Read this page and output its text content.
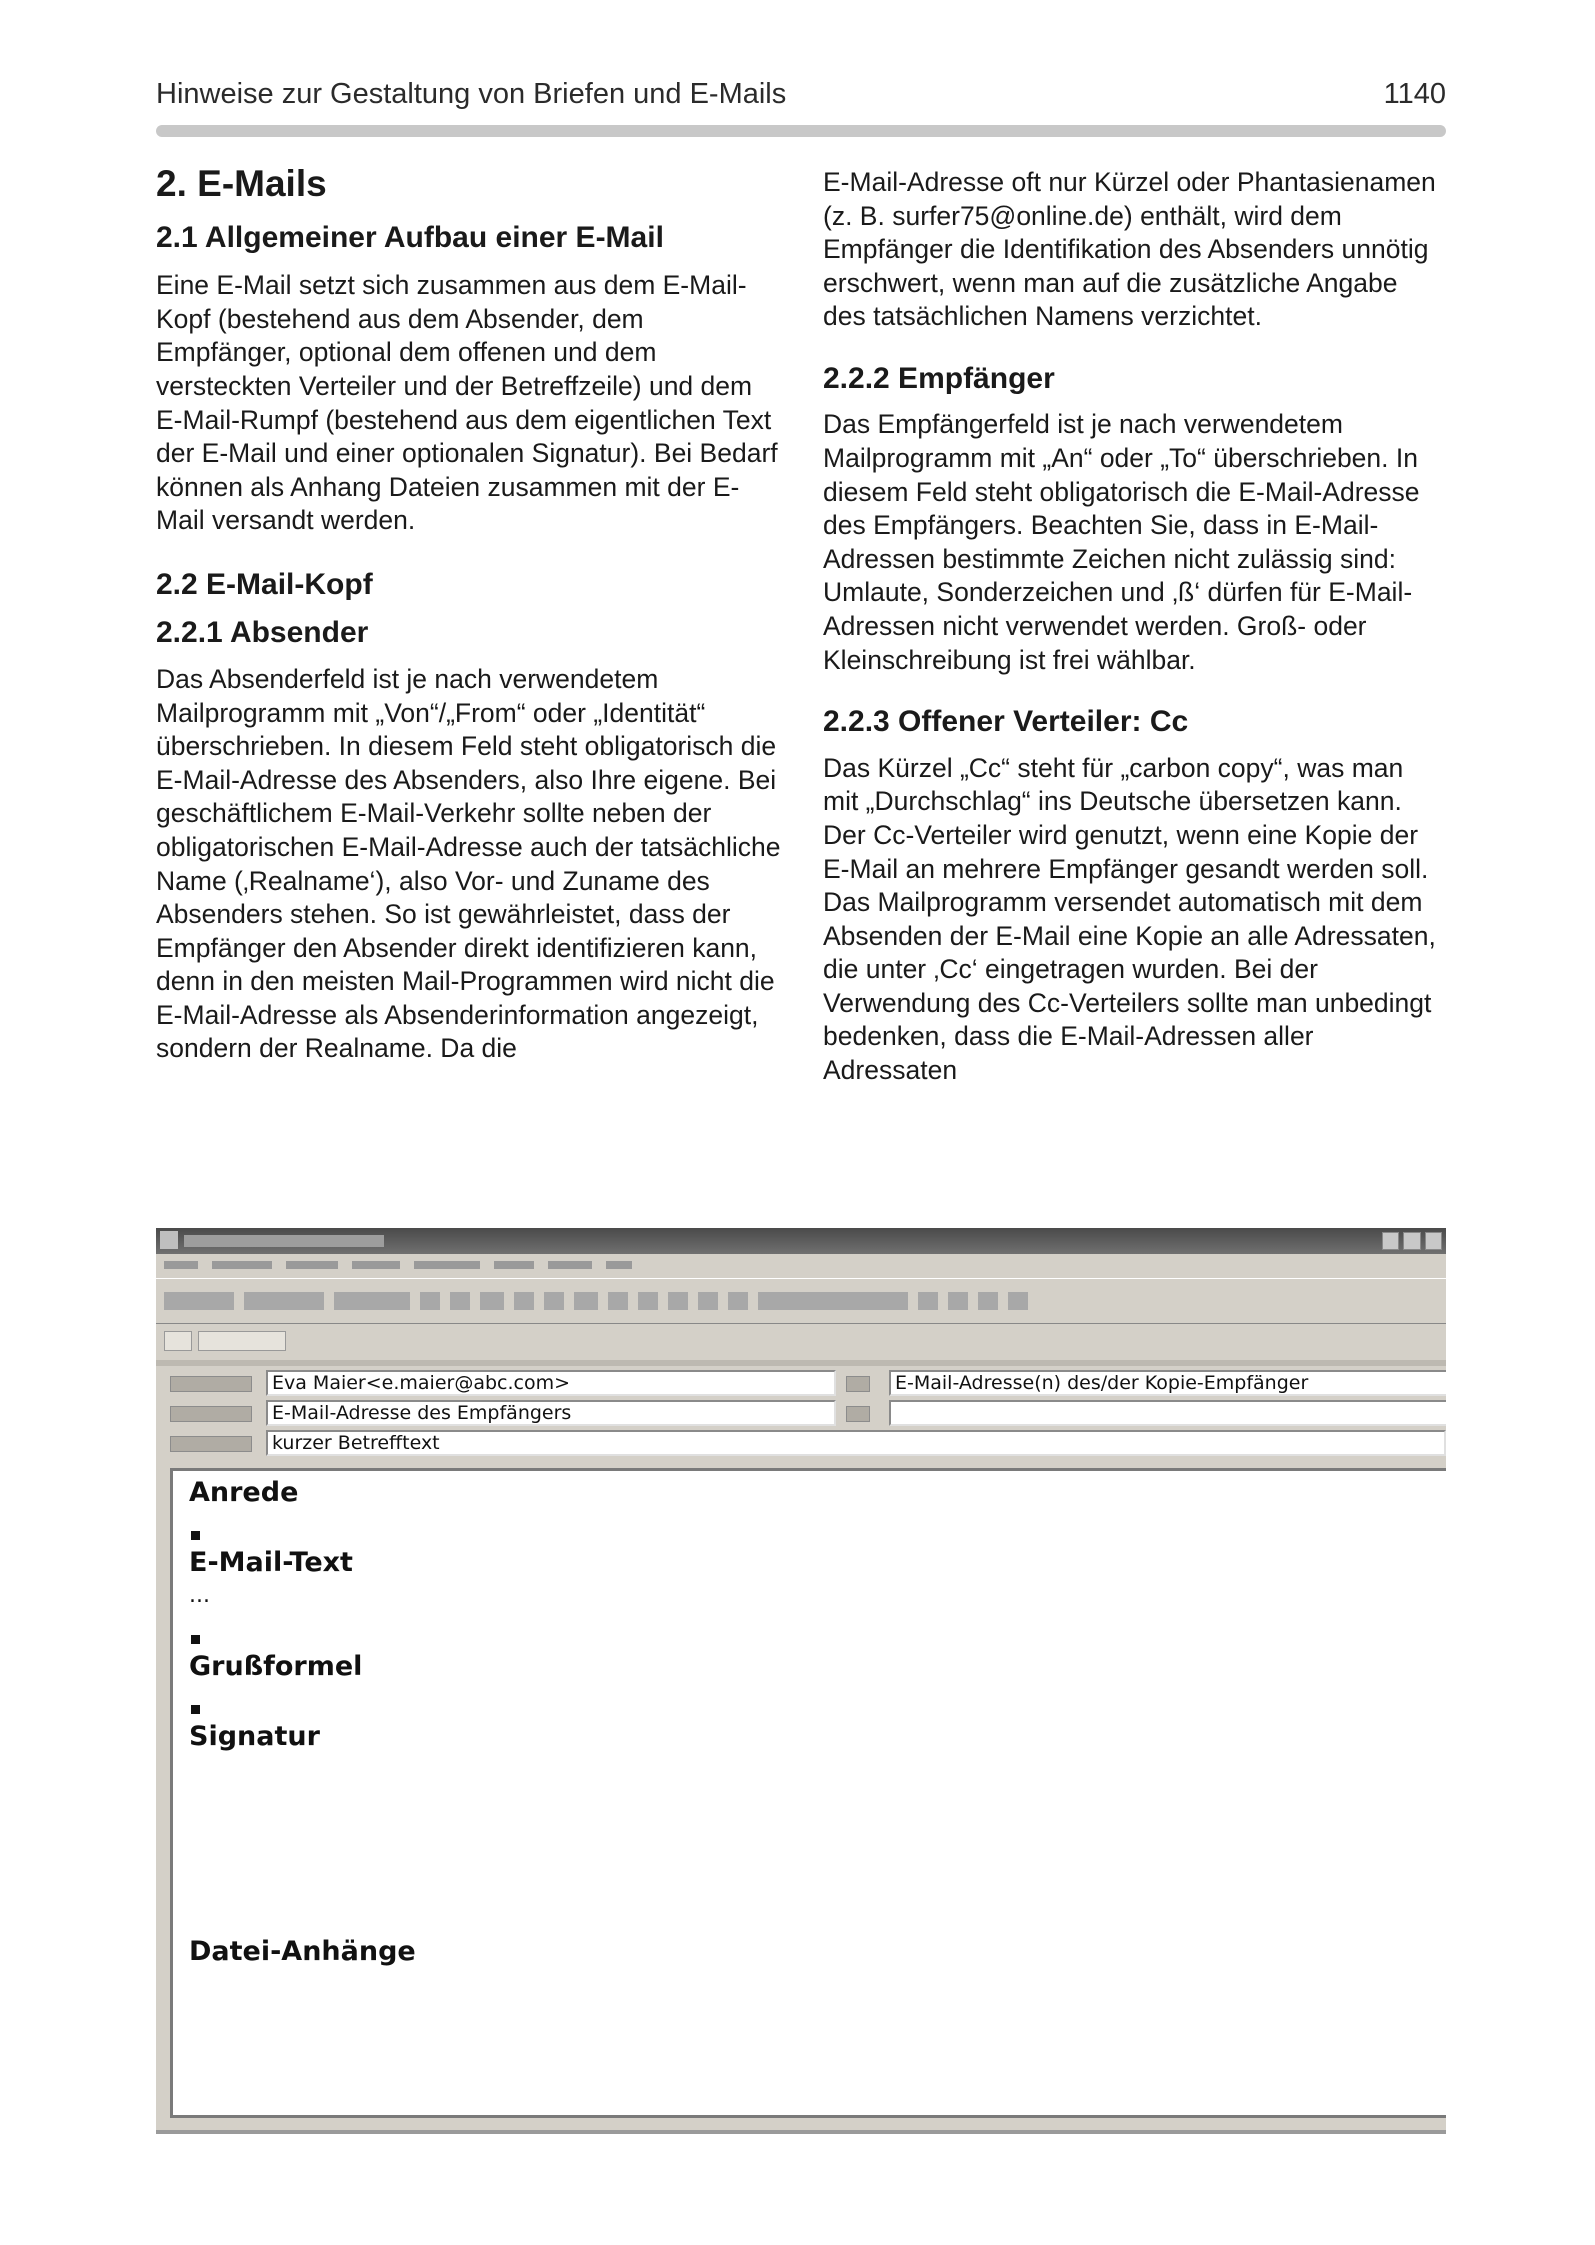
Hinweise zur Gestaltung von Briefen und E-Mails	1140
2. E-Mails
2.1 Allgemeiner Aufbau einer E-Mail

Eine E-Mail setzt sich zusammen aus dem E-Mail-Kopf (bestehend aus dem Absender, dem Empfänger, optional dem offenen und dem versteckten Verteiler und der Betreffzeile) und dem E-Mail-Rumpf (bestehend aus dem eigentlichen Text der E-Mail und einer optionalen Signatur). Bei Bedarf können als Anhang Dateien zusammen mit der E-Mail versandt werden.

2.2 E-Mail-Kopf
2.2.1 Absender

Das Absenderfeld ist je nach verwendetem Mailprogramm mit „Von“/„From“ oder „Identität“ überschrieben. In diesem Feld steht obligatorisch die E-Mail-Adresse des Absenders, also Ihre eigene. Bei geschäftlichem E-Mail-Verkehr sollte neben der obligatorischen E-Mail-Adresse auch der tatsächliche Name (‚Realname‘), also Vor- und Zuname des Absenders stehen. So ist gewährleistet, dass der Empfänger den Absender direkt identifizieren kann, denn in den meisten Mail-Programmen wird nicht die E-Mail-Adresse als Absenderinformation angezeigt, sondern der Realname. Da die

E-Mail-Adresse oft nur Kürzel oder Phantasienamen (z. B. surfer75@online.de) enthält, wird dem Empfänger die Identifikation des Absenders unnötig erschwert, wenn man auf die zusätzliche Angabe des tatsächlichen Namens verzichtet.

2.2.2 Empfänger

Das Empfängerfeld ist je nach verwendetem Mailprogramm mit „An“ oder „To“ überschrieben. In diesem Feld steht obligatorisch die E-Mail-Adresse des Empfängers. Beachten Sie, dass in E-Mail-Adressen bestimmte Zeichen nicht zulässig sind: Umlaute, Sonderzeichen und ‚ß‘ dürfen für E-Mail-Adressen nicht verwendet werden. Groß- oder Kleinschreibung ist frei wählbar.

2.2.3 Offener Verteiler: Cc

Das Kürzel „Cc“ steht für „carbon copy“, was man mit „Durchschlag“ ins Deutsche übersetzen kann. Der Cc-Verteiler wird genutzt, wenn eine Kopie der E-Mail an mehrere Empfänger gesandt werden soll. Das Mailprogramm versendet automatisch mit dem Absenden der E-Mail eine Kopie an alle Adressaten, die unter ‚Cc‘ eingetragen wurden. Bei der Verwendung des Cc-Verteilers sollte man unbedingt bedenken, dass die E-Mail-Adressen aller Adressaten

Eva Maier<e.maier@abc.com>
E-Mail-Adresse des Empfängers
kurzer Betrefftext
E-Mail-Adresse(n) des/der Kopie-Empfänger
Anrede
E-Mail-Text
...
Grußformel
Signatur
Datei-Anhänge
